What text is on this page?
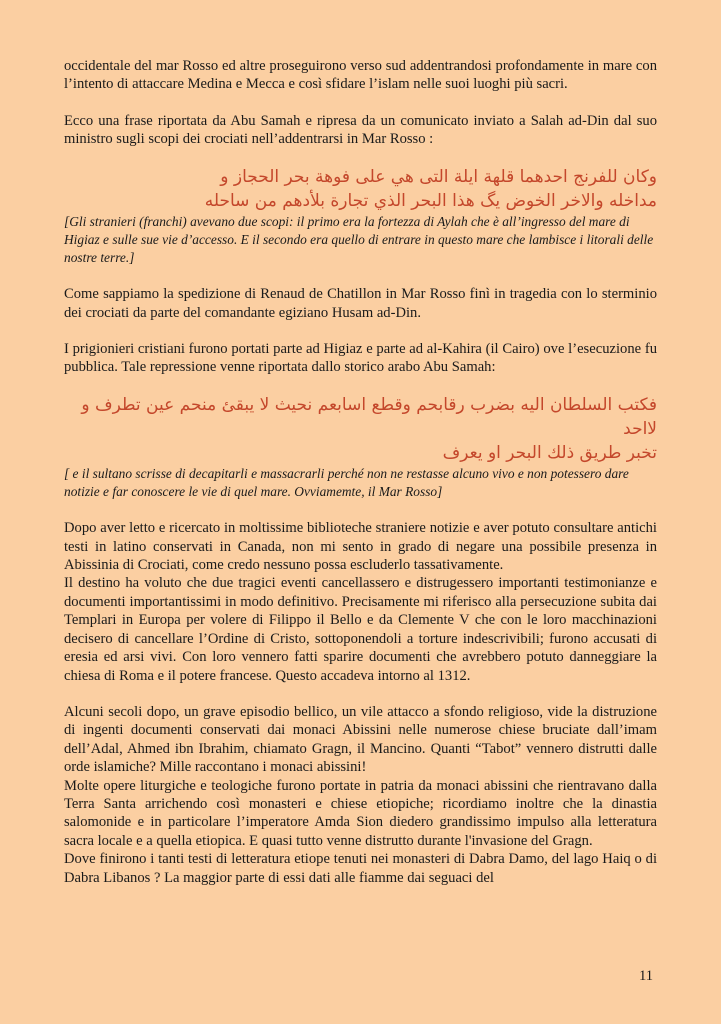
occidentale del mar Rosso ed altre proseguirono verso sud addentrandosi profondamente in mare con l’intento di attaccare Medina e Mecca e così sfidare l’islam nelle suoi luoghi più sacri.

Ecco una frase riportata da Abu Samah e ripresa da un comunicato inviato a Salah ad-Din dal suo ministro sugli scopi dei crociati nell’addentrarsi in Mar Rosso :

وكان للفرنج احدهما قلهة ايلة التى هي على فوهة بحر الحجاز و

مداخله والاخر الخوض ﯾﮓ هذا البحر الذي تجارة بلأدهم من ساحله

[Gli stranieri (franchi) avevano due scopi: il primo era la fortezza di Aylah che è all’ingresso del mare di Higiaz e sulle sue vie d’accesso. E il secondo era quello di entrare in questo mare che lambisce i litorali delle nostre terre.]

Come sappiamo la spedizione di Renaud de Chatillon in Mar Rosso finì in tragedia con lo sterminio dei crociati da parte del comandante egiziano Husam ad-Din.

I prigionieri cristiani furono portati parte ad Higiaz e parte ad al-Kahira (il Cairo) ove l’esecuzione fu pubblica. Tale repressione venne riportata dallo storico arabo Abu Samah:

فكتب السلطان اليه بضرب رقابحم وقطع اسابعم نحيث لا يبقئ منحم عين تطرف و لااحد

تخبر طريق ذلك البحر او يعرف

[ e il sultano scrisse di decapitarli e massacrarli perché non ne restasse alcuno vivo e non potessero dare notizie e far conoscere le vie di quel mare. Ovviamemte, il Mar Rosso]

Dopo aver letto e ricercato in moltissime biblioteche straniere notizie e aver potuto consultare antichi testi in latino conservati in Canada, non mi sento in grado di negare una possibile presenza in Abissinia di Crociati, come credo nessuno possa escluderlo tassativamente.

Il destino ha voluto che due tragici eventi cancellassero e distrugessero importanti testimonianze e documenti importantissimi in modo definitivo. Precisamente mi riferisco alla persecuzione subita dai Templari in Europa per volere di Filippo il Bello e da Clemente V che con le loro macchinazioni decisero di cancellare l’Ordine di Cristo, sottoponendoli a torture indescrivibili; furono accusati di eresia ed arsi vivi. Con loro vennero fatti sparire documenti che avrebbero potuto danneggiare la chiesa di Roma e il potere francese. Questo accadeva intorno al 1312.

Alcuni secoli dopo, un grave episodio bellico, un vile attacco a sfondo religioso, vide la distruzione di ingenti documenti conservati dai monaci Abissini nelle numerose chiese bruciate dall’imam dell’Adal, Ahmed ibn Ibrahim, chiamato Gragn, il Mancino. Quanti “Tabot” vennero distrutti dalle orde islamiche? Mille raccontano i monaci abissini!

Molte opere liturgiche e teologiche furono portate in patria da monaci abissini che rientravano dalla Terra Santa arrichendo così monasteri e chiese etiopiche; ricordiamo inoltre che la dinastia salomonide e in particolare l’imperatore Amda Sion diedero grandissimo impulso alla letteratura sacra locale e a quella etiopica. E quasi tutto venne distrutto durante l'invasione del Gragn.

Dove finirono i tanti testi di letteratura etiope tenuti nei monasteri di Dabra Damo, del lago Haiq o di Dabra Libanos ? La maggior parte di essi dati alle fiamme dai seguaci del

11
